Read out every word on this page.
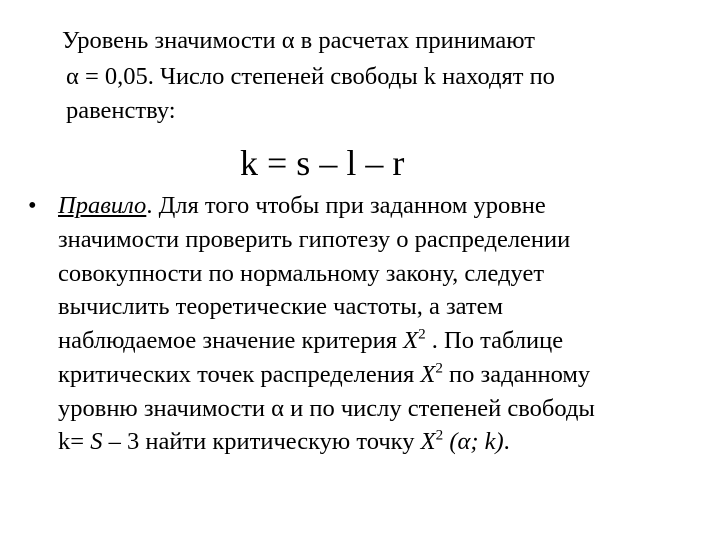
Уровень значимости α в расчетах принимают
α = 0,05. Число степеней свободы k находят по
равенству:
k = s – l – r
• Правило. Для того чтобы при заданном уровне
значимости проверить гипотезу о распределении
совокупности по нормальному закону, следует
вычислить теоретические частоты, а затем
наблюдаемое значение критерия $X^2$ . По таблице
критических точек распределения $X^2$ по заданному
уровню значимости α и по числу степеней свободы
k= S – 3 найти критическую точку $X^2$ (α; k).
